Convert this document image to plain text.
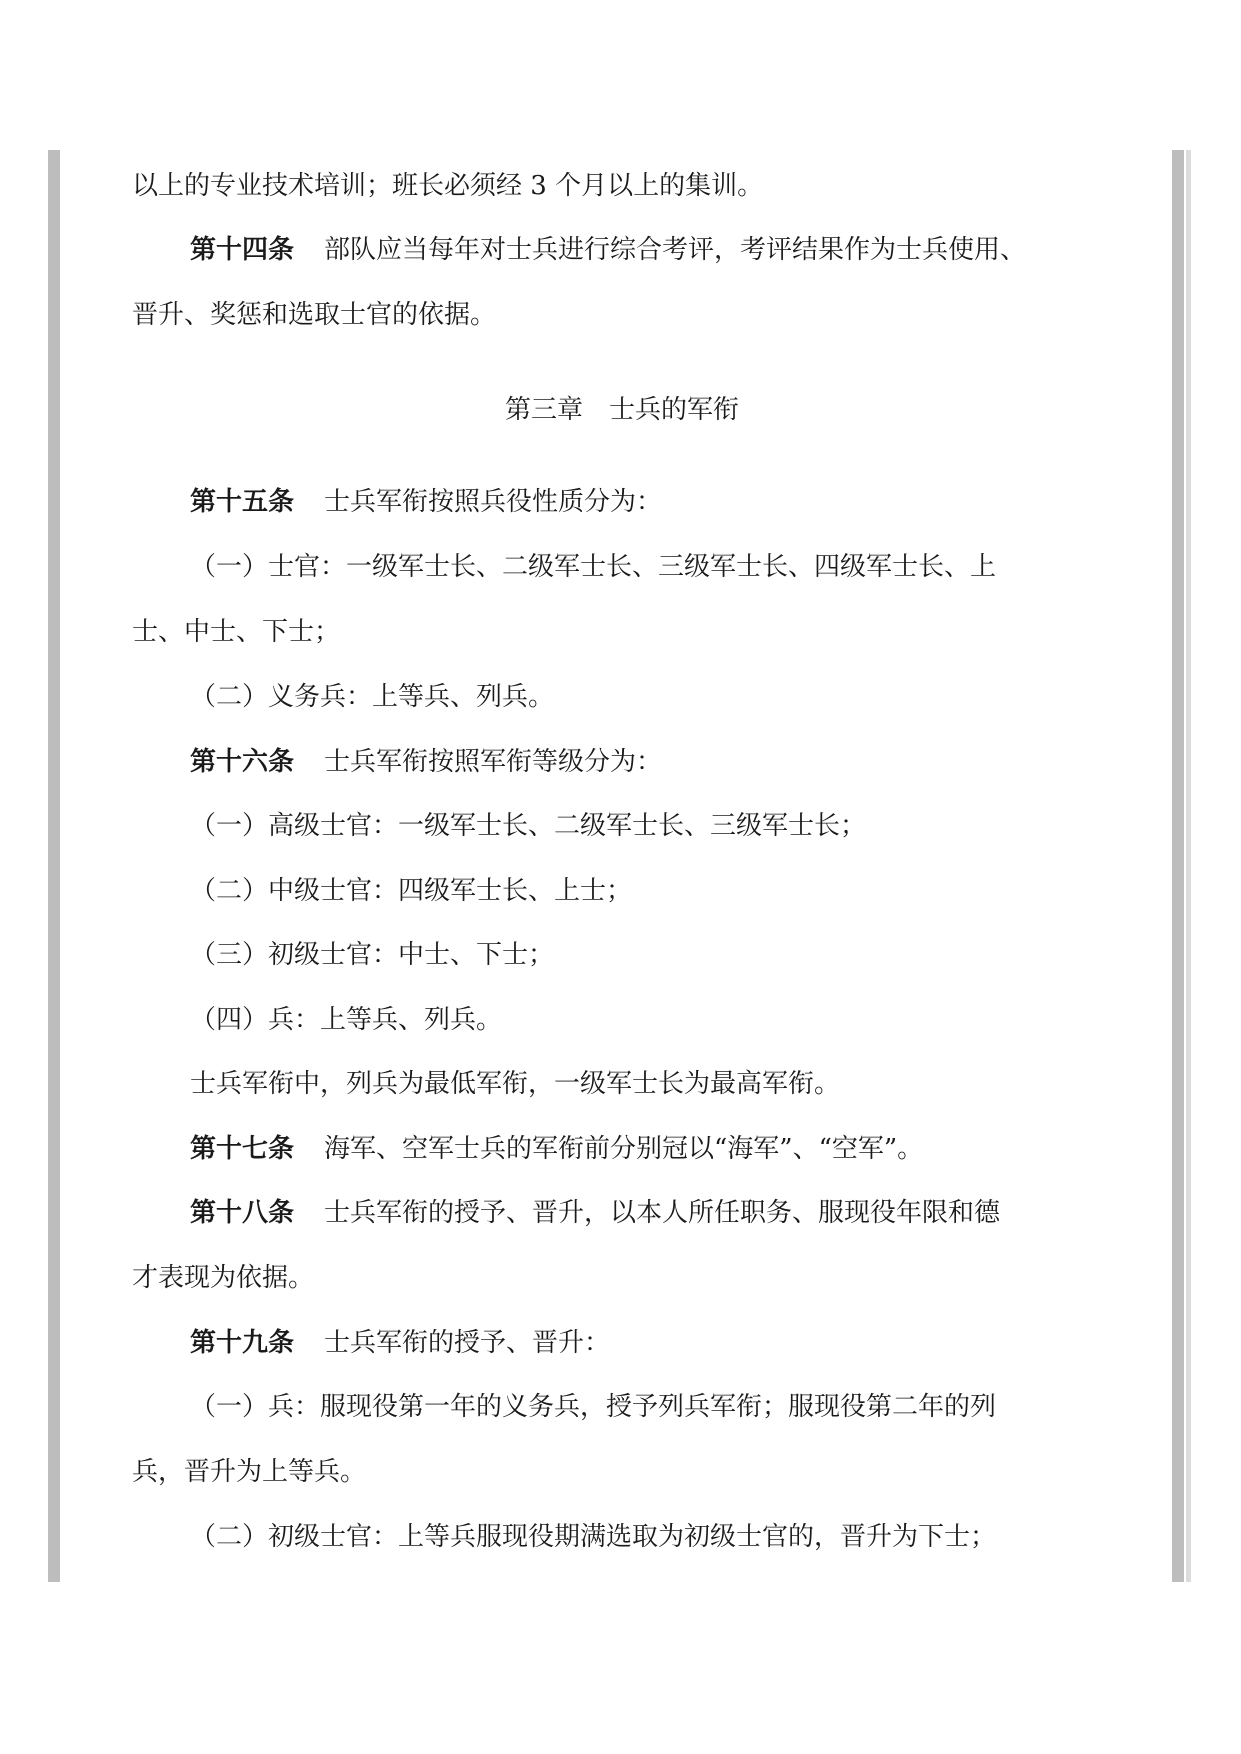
以上的专业技术培训；班长必须经 3 个月以上的集训。
第十四条 部队应当每年对士兵进行综合考评，考评结果作为士兵使用、
晋升、奖惩和选取士官的依据。
第三章　士兵的军衔
第十五条 士兵军衔按照兵役性质分为：
（一）士官：一级军士长、二级军士长、三级军士长、四级军士长、上
士、中士、下士；
（二）义务兵：上等兵、列兵。
第十六条 士兵军衔按照军衔等级分为：
（一）高级士官：一级军士长、二级军士长、三级军士长；
（二）中级士官：四级军士长、上士；
（三）初级士官：中士、下士；
（四）兵：上等兵、列兵。
士兵军衔中，列兵为最低军衔，一级军士长为最高军衔。
第十七条 海军、空军士兵的军衔前分别冠以“海军”、“空军”。
第十八条 士兵军衔的授予、晋升，以本人所任职务、服现役年限和德
才表现为依据。
第十九条 士兵军衔的授予、晋升：
（一）兵：服现役第一年的义务兵，授予列兵军衔；服现役第二年的列
兵，晋升为上等兵。
（二）初级士官：上等兵服现役期满选取为初级士官的，晋升为下士；
